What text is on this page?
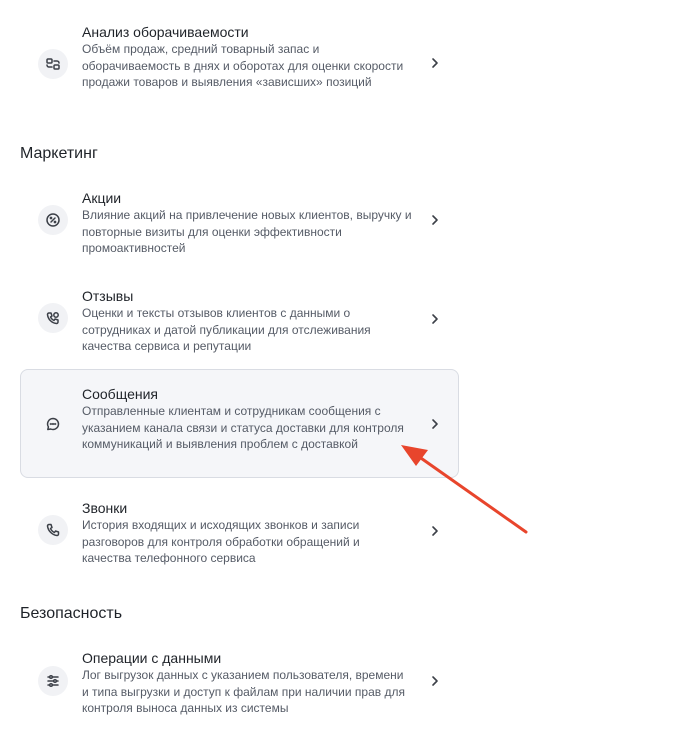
Анализ оборачиваемости
Объём продаж, средний товарный запас и оборачиваемость в днях и оборотах для оценки скорости продажи товаров и выявления «зависших» позиций
Маркетинг
Акции
Влияние акций на привлечение новых клиентов, выручку и повторные визиты для оценки эффективности промоактивностей
Отзывы
Оценки и тексты отзывов клиентов с данными о сотрудниках и датой публикации для отслеживания качества сервиса и репутации
Сообщения
Отправленные клиентам и сотрудникам сообщения с указанием канала связи и статуса доставки для контроля коммуникаций и выявления проблем с доставкой
Звонки
История входящих и исходящих звонков и записи разговоров для контроля обработки обращений и качества телефонного сервиса
Безопасность
Операции с данными
Лог выгрузок данных с указанием пользователя, времени и типа выгрузки и доступ к файлам при наличии прав для контроля выноса данных из системы
